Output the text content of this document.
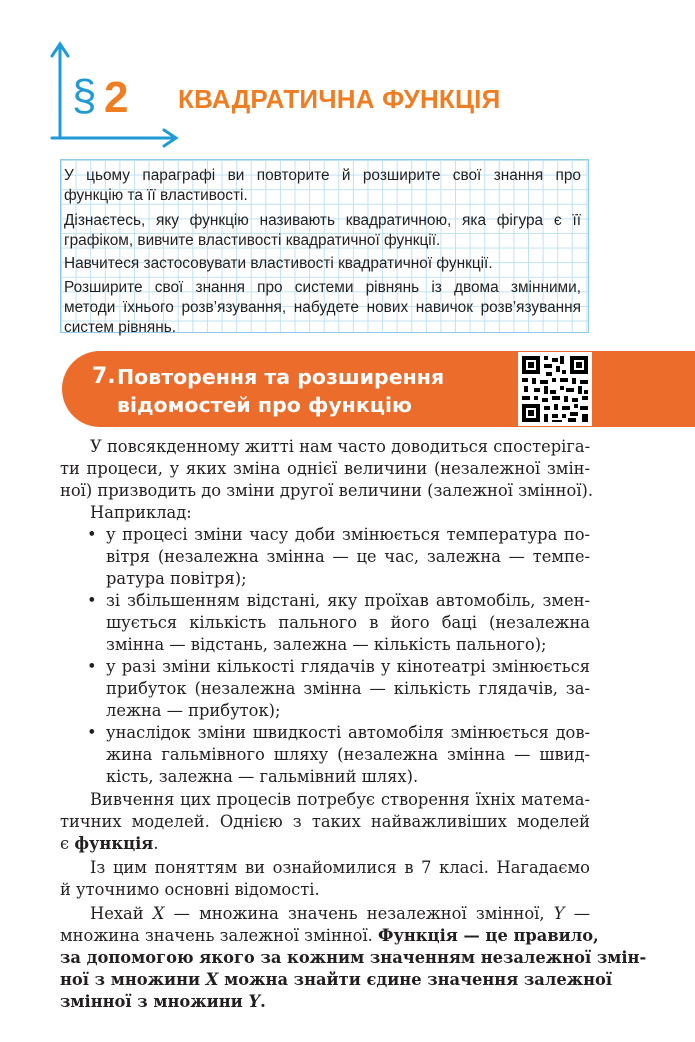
§ 2 КВАДРАТИЧНА ФУНКЦІЯ

У цьому параграфі ви повторите й розширите свої знання про
функцію та її властивості.

Дізнаєтесь, яку функцію називають квадратичною, яка фігура є її
графіком, вивчите властивості квадратичної функції.

Навчитеся застосовувати властивості квадратичної функції.

Розширите свої знання про системи рівнянь із двома змінними,
методи їхнього розв’язування, набудете нових навичок розв’язування
систем рівнянь.

7. Повторення та розширення
відомостей про функцію

У повсякденному житті нам часто доводиться спостеріга-

ти процеси, у яких зміна однієї величини (незалежної змін-

ної) призводить до зміни другої величини (залежної змінної).

Наприклад:

• у процесі зміни часу доби змінюється температура по-

вітря (незалежна змінна — це час, залежна — темпе-

ратура повітря);

• зі збільшенням відстані, яку проїхав автомобіль, змен-

шується кількість пального в його баці (незалежна

змінна — відстань, залежна — кількість пального);

• у разі зміни кількості глядачів у кінотеатрі змінюється

прибуток (незалежна змінна — кількість глядачів, за-

лежна — прибуток);

• унаслідок зміни швидкості автомобіля змінюється дов-

жина гальмівного шляху (незалежна змінна — швид-

кість, залежна — гальмівний шлях).

Вивчення цих процесів потребує створення їхніх матема-

тичних моделей. Однією з таких найважливіших моделей

є функція.

Із цим поняттям ви ознайомилися в 7 класі. Нагадаємо

й уточнимо основні відомості.

Нехай X — множина значень незалежної змінної, Y —

множина значень залежної змінної. Функція — це правило,

за допомогою якого за кожним значенням незалежної змін-

ної з множини X можна знайти єдине значення залежної

змінної з множини Y.
